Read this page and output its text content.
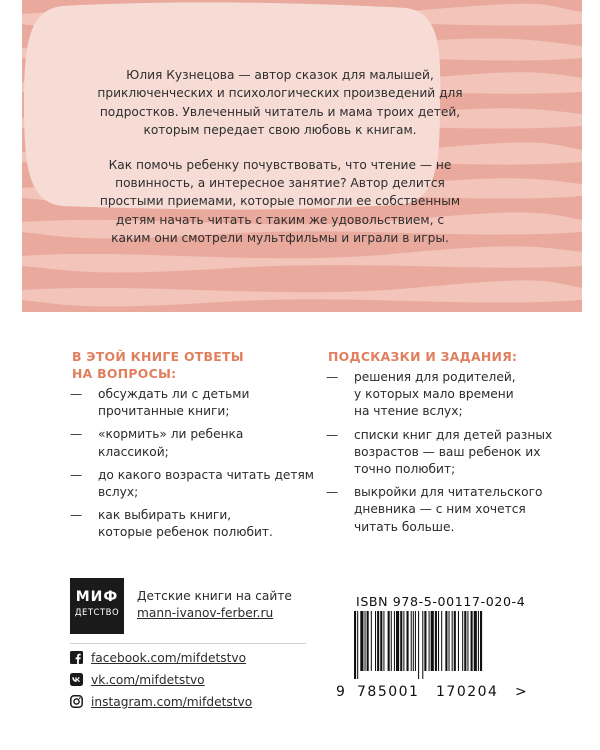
Юлия Кузнецова — автор сказок для малышей, приключенческих и психологических произведений для подростков. Увлеченный читатель и мама троих детей, которым передает свою любовь к книгам.

Как помочь ребенку почувствовать, что чтение — не повинность, а интересное занятие? Автор делится простыми приемами, которые помогли ее собственным детям начать читать с таким же удовольствием, с каким они смотрели мультфильмы и играли в игры.

В ЭТОЙ КНИГЕ ОТВЕТЫ
НА ВОПРОСЫ:
— обсуждать ли с детьми
прочитанные книги;
— «кормить» ли ребенка
классикой;
— до какого возраста читать детям
вслух;
— как выбирать книги,
которые ребенок полюбит.
ПОДСКАЗКИ И ЗАДАНИЯ:
— решения для родителей,
у которых мало времени
на чтение вслух;
— списки книг для детей разных
возрастов — ваш ребенок их
точно полюбит;
— выкройки для читательского
дневника — с ним хочется
читать больше.
МИФ
ДЕТСТВО
Детские книги на сайте
mann-ivanov-ferber.ru
facebook.com/mifdetstvo
vk.com/mifdetstvo
instagram.com/mifdetstvo
ISBN 978-5-00117-020-4
9 785001 170204 >
